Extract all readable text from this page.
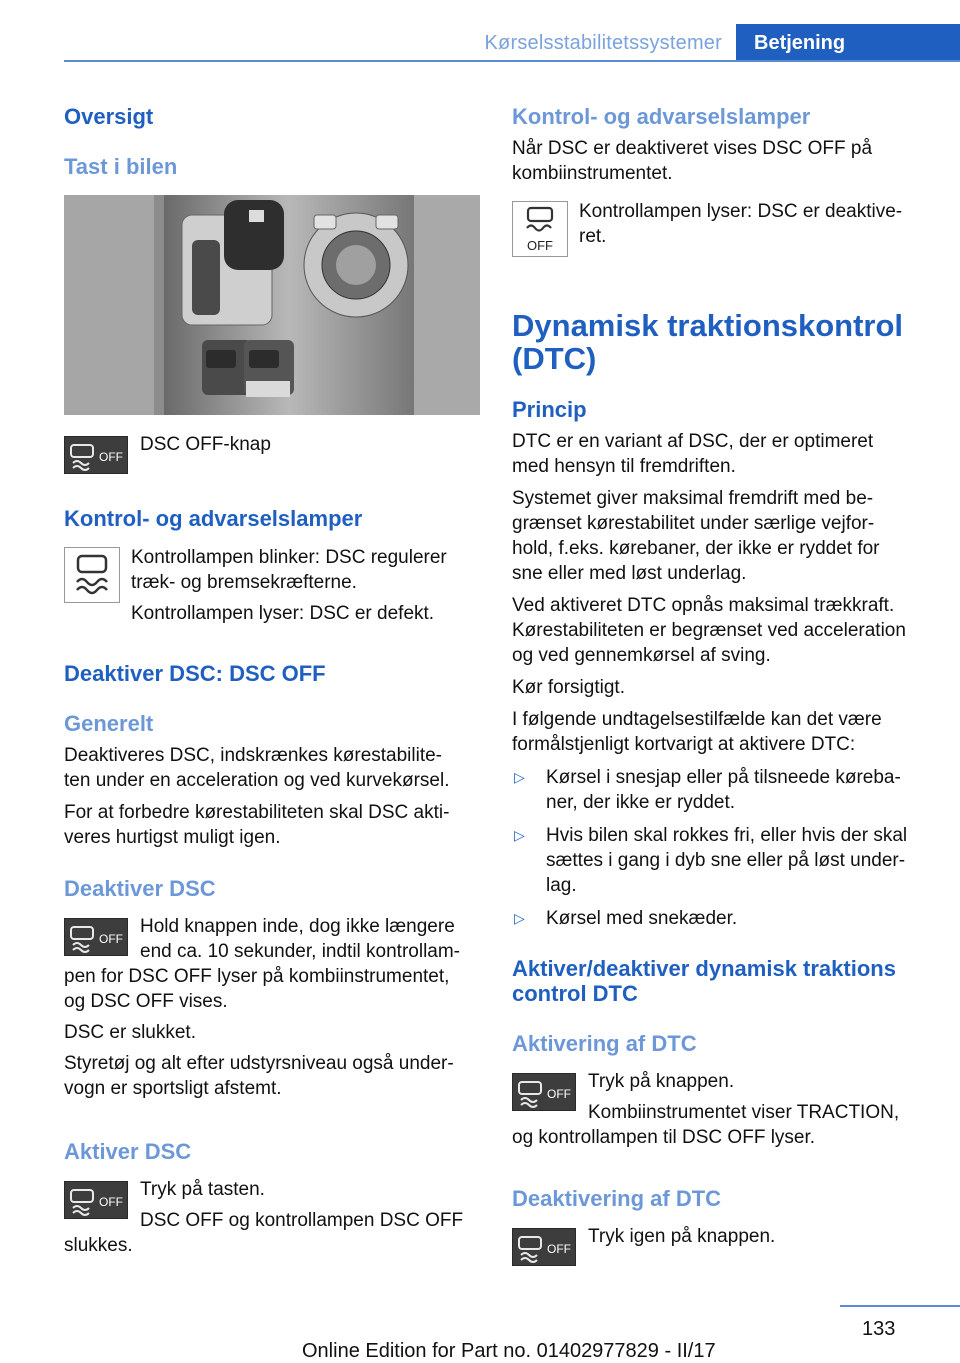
Kørselsstabilitetssystemer	Betjening
Oversigt
Tast i bilen
OFF
DSC OFF-knap
Kontrol- og advarselslamper
Kontrollampen blinker: DSC regulerer
træk- og bremsekræfterne.
Kontrollampen lyser: DSC er defekt.
Deaktiver DSC: DSC OFF
Generelt
Deaktiveres DSC, indskrænkes kørestabilite-
ten under en acceleration og ved kurvekørsel.
For at forbedre kørestabiliteten skal DSC akti-
veres hurtigst muligt igen.
Deaktiver DSC
OFF
Hold knappen inde, dog ikke længere
end ca. 10 sekunder, indtil kontrollam-
pen for DSC OFF lyser på kombiinstrumentet,
og DSC OFF vises.
DSC er slukket.
Styretøj og alt efter udstyrsniveau også under-
vogn er sportsligt afstemt.
Aktiver DSC
OFF
Tryk på tasten.
DSC OFF og kontrollampen DSC OFF
slukkes.
Kontrol- og advarselslamper
Når DSC er deaktiveret vises DSC OFF på
kombiinstrumentet.
OFF
Kontrollampen lyser: DSC er deaktive-
ret.
Dynamisk traktionskontrol
(DTC)
Princip
DTC er en variant af DSC, der er optimeret
med hensyn til fremdriften.
Systemet giver maksimal fremdrift med be-
grænset kørestabilitet under særlige vejfor-
hold, f.eks. kørebaner, der ikke er ryddet for
sne eller med løst underlag.
Ved aktiveret DTC opnås maksimal trækkraft.
Kørestabiliteten er begrænset ved acceleration
og ved gennemkørsel af sving.
Kør forsigtigt.
I følgende undtagelsestilfælde kan det være
formålstjenligt kortvarigt at aktivere DTC:
▷ Kørsel i snesjap eller på tilsneede køreba-
ner, der ikke er ryddet.
▷ Hvis bilen skal rokkes fri, eller hvis der skal
sættes i gang i dyb sne eller på løst under-
lag.
▷ Kørsel med snekæder.
Aktiver/deaktiver dynamisk traktions
control DTC
Aktivering af DTC
OFF
Tryk på knappen.
Kombiinstrumentet viser TRACTION,
og kontrollampen til DSC OFF lyser.
Deaktivering af DTC
OFF
Tryk igen på knappen.
133
Online Edition for Part no. 01402977829 - II/17
